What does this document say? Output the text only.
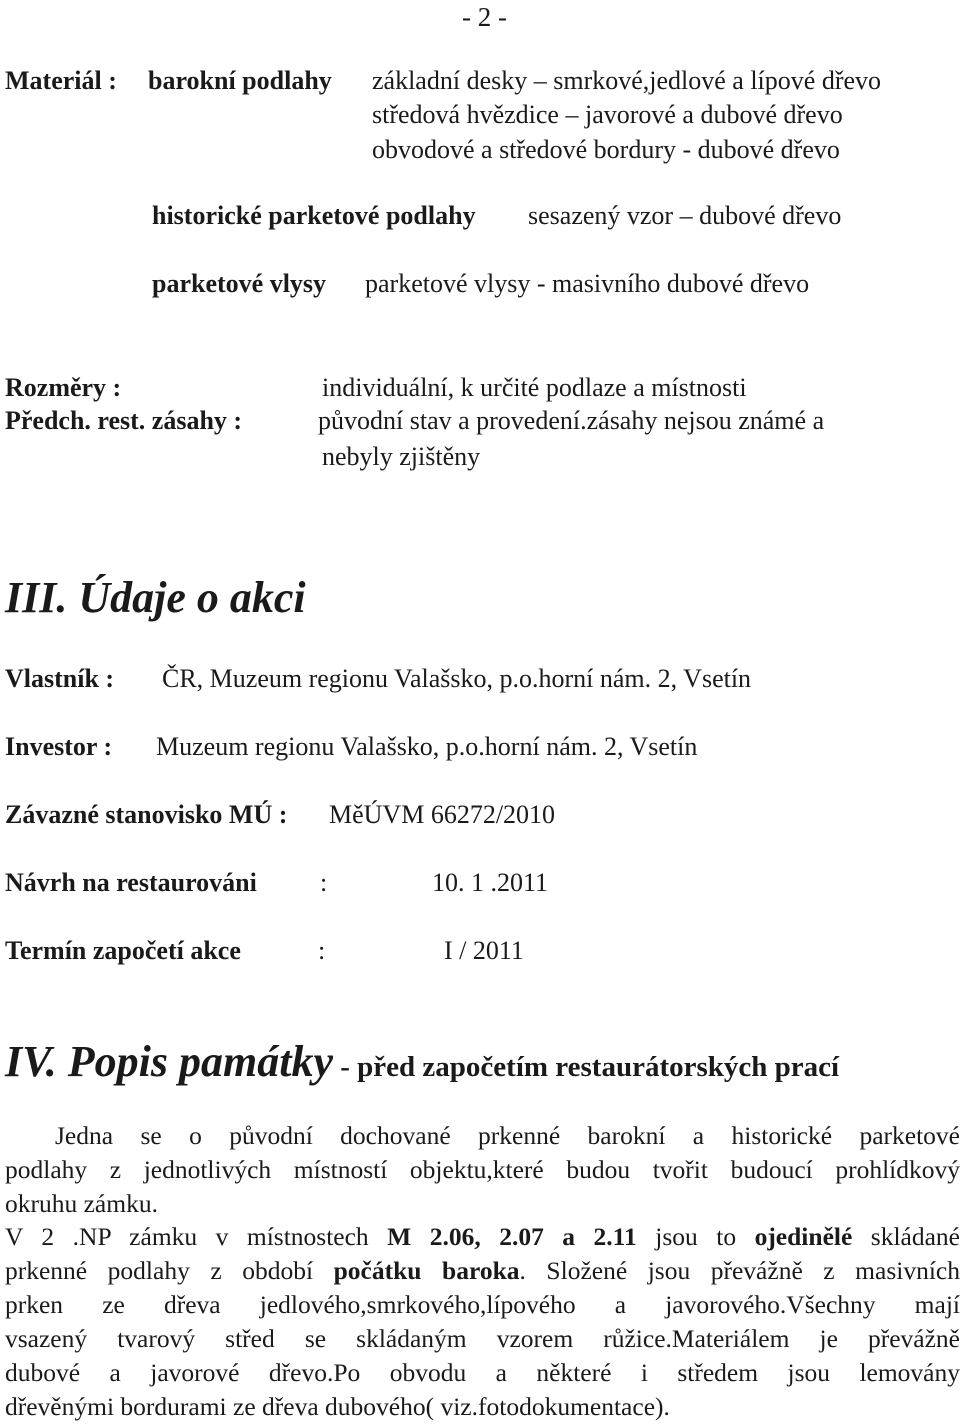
- 2 -
Materiál : barokní podlahy základní desky – smrkové,jedlové a lípové dřevo
středová hvězdice – javorové a dubové dřevo
obvodové a středové bordury - dubové dřevo
historické parketové podlahy sesazený vzor – dubové dřevo
parketové vlysy parketové vlysy - masivního dubové dřevo
Rozměry :	individuální, k určité podlaze a místnosti
Předch. rest. zásahy :	původní stav a provedení.zásahy nejsou známé a
nebyly zjištěny
III. Údaje o akci
Vlastník : ČR, Muzeum regionu Valašsko, p.o.horní nám. 2, Vsetín
Investor : Muzeum regionu Valašsko, p.o.horní nám. 2, Vsetín
Závazné stanovisko MÚ : MěÚVM 66272/2010
Návrh na restaurováni :	10. 1 .2011
Termín započetí akce	:	I / 2011
IV. Popis památky - před započetím restaurátorských prací
Jedna se o původní dochované prkenné barokní a historické parketové
podlahy z jednotlivých místností objektu,které budou tvořit budoucí prohlídkový
okruhu zámku.
V 2 .NP zámku v místnostech M 2.06, 2.07 a 2.11 jsou to ojedinělé skládané
prkenné podlahy z období počátku baroka. Složené jsou převážně z masivních
prken ze dřeva jedlového,smrkového,lípového a javorového.Všechny mají
vsazený tvarový střed se skládaným vzorem růžice.Materiálem je převážně
dubové a javorové dřevo.Po obvodu a některé i středem jsou lemovány
dřevěnými bordurami ze dřeva dubového( viz.fotodokumentace).
